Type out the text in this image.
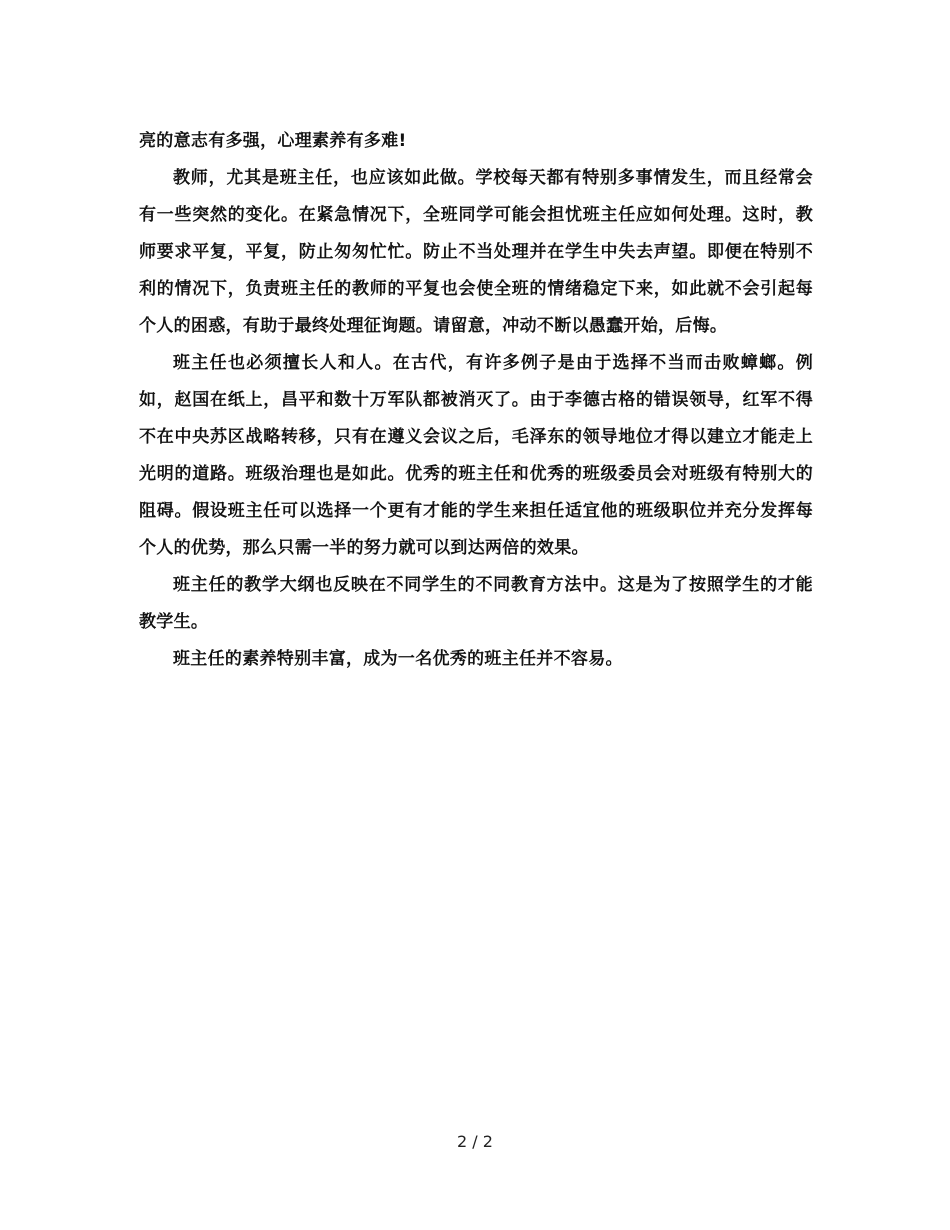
亮的意志有多强，心理素养有多难!

教师，尤其是班主任，也应该如此做。学校每天都有特别多事情发生，而且经常会有一些突然的变化。在紧急情况下，全班同学可能会担忧班主任应如何处理。这时，教师要求平复，平复，防止匆匆忙忙。防止不当处理并在学生中失去声望。即便在特别不利的情况下，负责班主任的教师的平复也会使全班的情绪稳定下来，如此就不会引起每个人的困惑，有助于最终处理征询题。请留意，冲动不断以愚蠢开始，后悔。

班主任也必须擅长人和人。在古代，有许多例子是由于选择不当而击败蟑螂。例如，赵国在纸上，昌平和数十万军队都被消灭了。由于李德古格的错误领导，红军不得不在中央苏区战略转移，只有在遵义会议之后，毛泽东的领导地位才得以建立才能走上光明的道路。班级治理也是如此。优秀的班主任和优秀的班级委员会对班级有特别大的阻碍。假设班主任可以选择一个更有才能的学生来担任适宜他的班级职位并充分发挥每个人的优势，那么只需一半的努力就可以到达两倍的效果。

班主任的教学大纲也反映在不同学生的不同教育方法中。这是为了按照学生的才能教学生。

班主任的素养特别丰富，成为一名优秀的班主任并不容易。

2 / 2
